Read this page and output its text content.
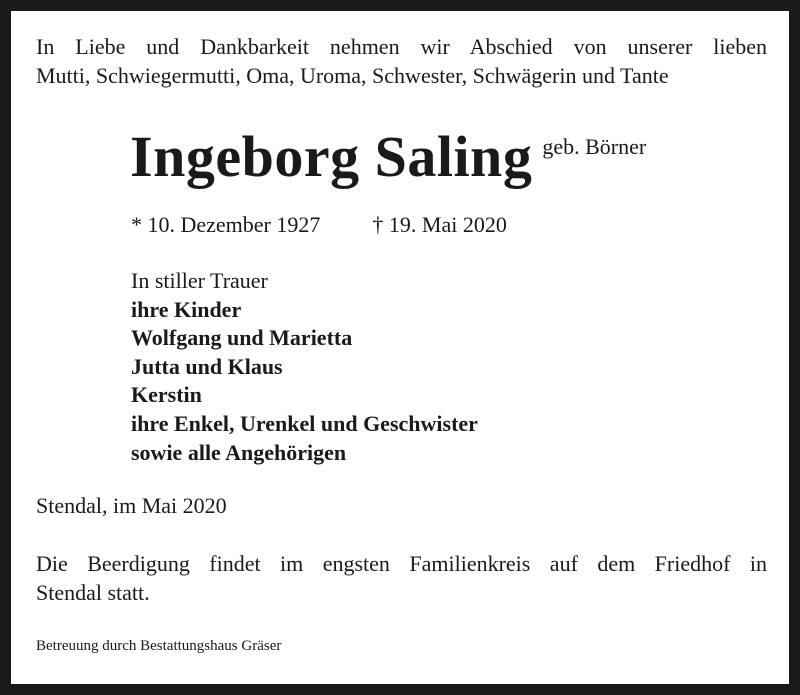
In Liebe und Dankbarkeit nehmen wir Abschied von unserer lieben
Mutti, Schwiegermutti, Oma, Uroma, Schwester, Schwägerin und Tante
Ingeborg Saling geb. Börner
* 10. Dezember 1927 † 19. Mai 2020
In stiller Trauer
ihre Kinder
Wolfgang und Marietta
Jutta und Klaus
Kerstin
ihre Enkel, Urenkel und Geschwister
sowie alle Angehörigen
Stendal, im Mai 2020
Die Beerdigung findet im engsten Familienkreis auf dem Friedhof in
Stendal statt.
Betreuung durch Bestattungshaus Gräser
